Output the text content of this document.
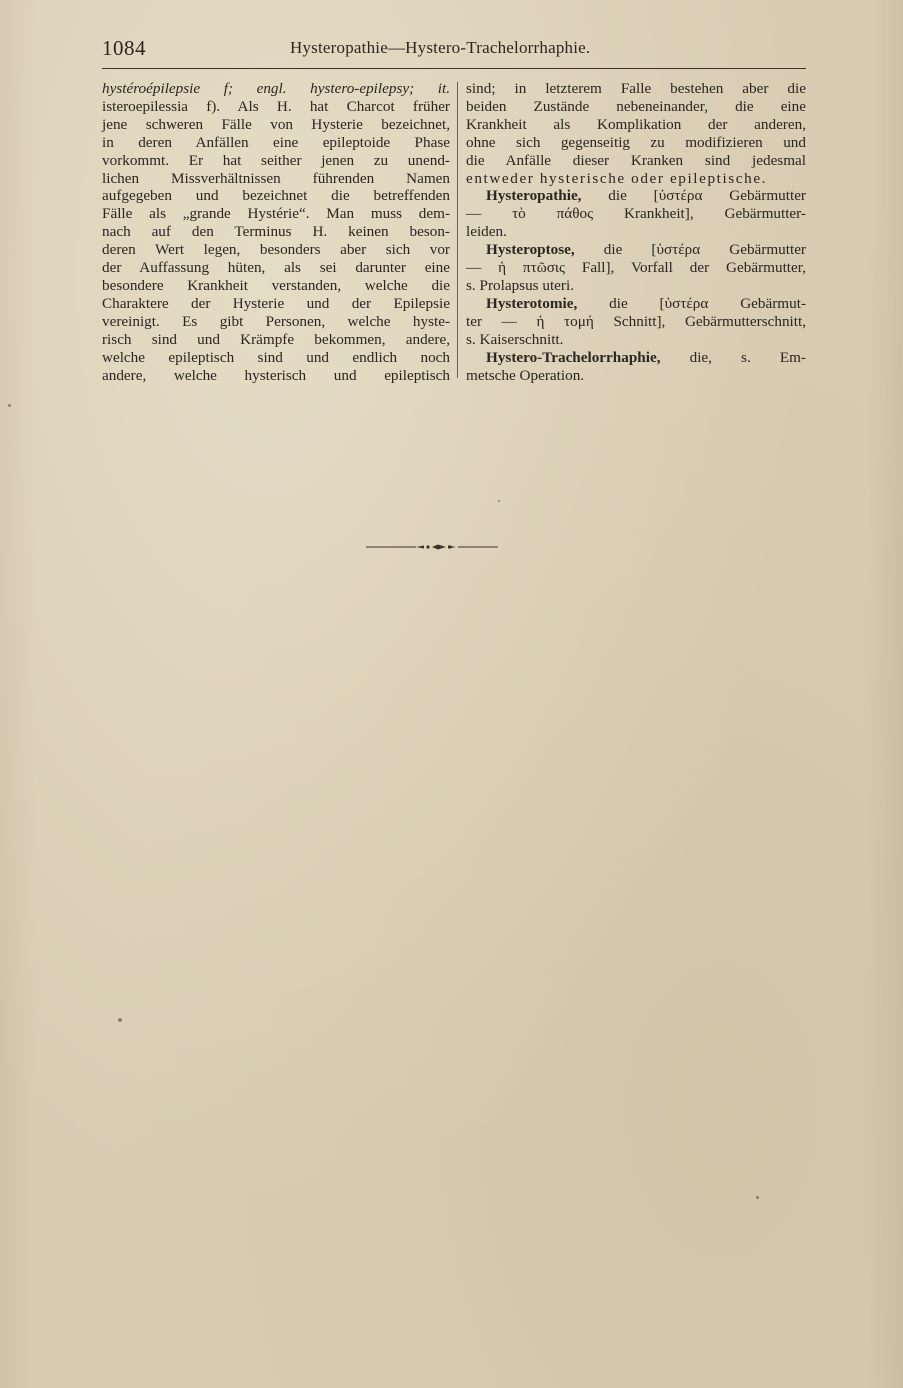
1084	Hysteropathie—Hystero-Trachelorrhaphie.
hystéroépilepsie f; engl. hystero-epilepsy; it.
isteroepilessia f). Als H. hat Charcot früher
jene schweren Fälle von Hysterie bezeichnet,
in deren Anfällen eine epileptoide Phase
vorkommt. Er hat seither jenen zu unend-
lichen Missverhältnissen führenden Namen
aufgegeben und bezeichnet die betreffenden
Fälle als „grande Hystérie“. Man muss dem-
nach auf den Terminus H. keinen beson-
deren Wert legen, besonders aber sich vor
der Auffassung hüten, als sei darunter eine
besondere Krankheit verstanden, welche die
Charaktere der Hysterie und der Epilepsie
vereinigt. Es gibt Personen, welche hyste-
risch sind und Krämpfe bekommen, andere,
welche epileptisch sind und endlich noch
andere, welche hysterisch und epileptisch
sind; in letzterem Falle bestehen aber die
beiden Zustände nebeneinander, die eine
Krankheit als Komplikation der anderen,
ohne sich gegenseitig zu modifizieren und
die Anfälle dieser Kranken sind jedesmal
entweder hysterische oder epileptische.
Hysteropathie, die [ὑστέρα Gebärmutter
— τὸ πάθος Krankheit], Gebärmutter-
leiden.
Hysteroptose, die [ὑστέρα Gebärmutter
— ἡ πτῶσις Fall], Vorfall der Gebärmutter,
s. Prolapsus uteri.
Hysterotomie, die [ὑστέρα Gebärmut-
ter — ἡ τομή Schnitt], Gebärmutterschnitt,
s. Kaiserschnitt.
Hystero-Trachelorrhaphie, die, s. Em-
metsche Operation.
